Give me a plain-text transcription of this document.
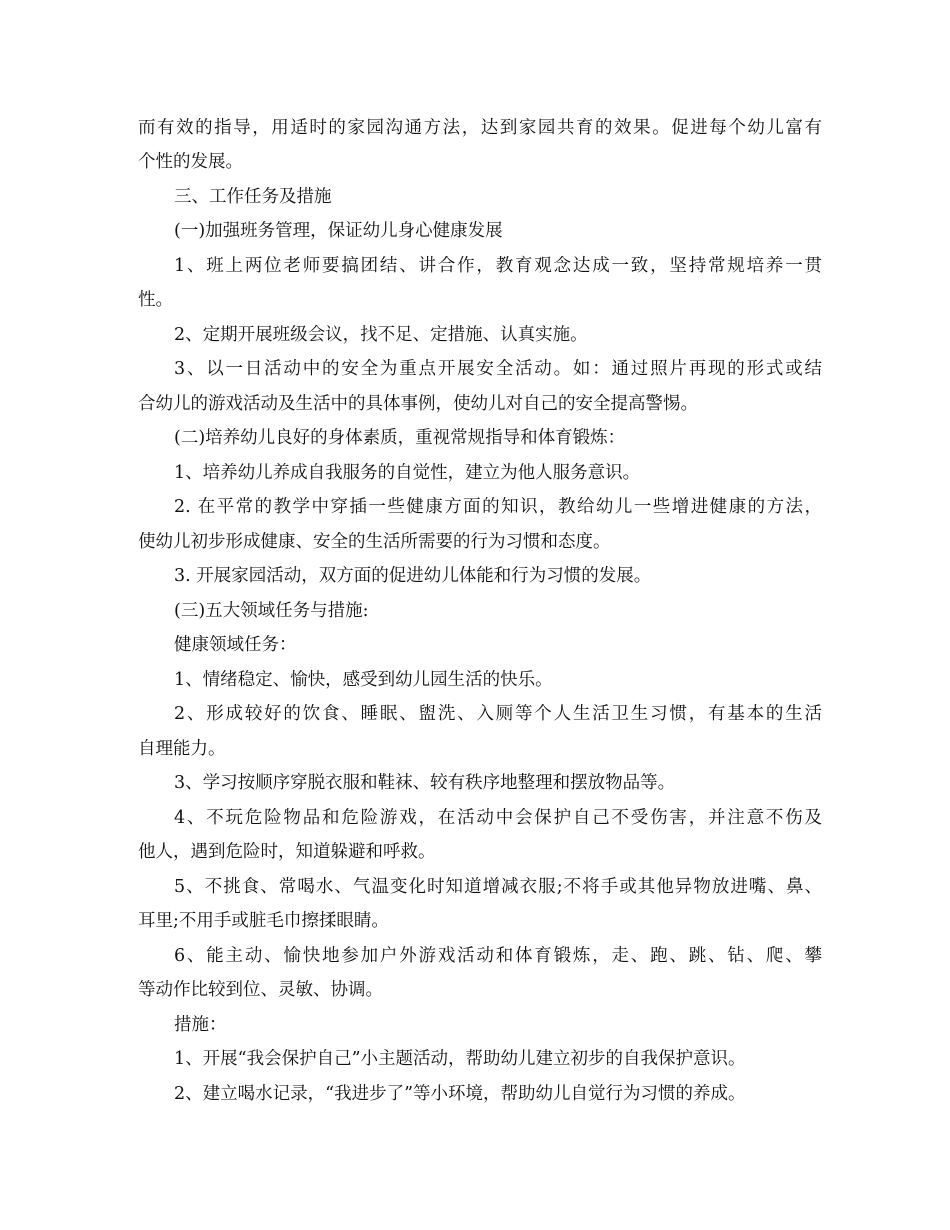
而有效的指导，用适时的家园沟通方法，达到家园共育的效果。促进每个幼儿富有
个性的发展。
三、工作任务及措施
(一)加强班务管理，保证幼儿身心健康发展
1、班上两位老师要搞团结、讲合作，教育观念达成一致，坚持常规培养一贯
性。
2、定期开展班级会议，找不足、定措施、认真实施。
3、以一日活动中的安全为重点开展安全活动。如：通过照片再现的形式或结
合幼儿的游戏活动及生活中的具体事例，使幼儿对自己的安全提高警惕。
(二)培养幼儿良好的身体素质，重视常规指导和体育锻炼：
1、培养幼儿养成自我服务的自觉性，建立为他人服务意识。
2. 在平常的教学中穿插一些健康方面的知识，教给幼儿一些增进健康的方法，
使幼儿初步形成健康、安全的生活所需要的行为习惯和态度。
3. 开展家园活动，双方面的促进幼儿体能和行为习惯的发展。
(三)五大领域任务与措施:
健康领域任务：
1、情绪稳定、愉快，感受到幼儿园生活的快乐。
2、形成较好的饮食、睡眠、盥洗、入厕等个人生活卫生习惯，有基本的生活
自理能力。
3、学习按顺序穿脱衣服和鞋袜、较有秩序地整理和摆放物品等。
4、不玩危险物品和危险游戏，在活动中会保护自己不受伤害，并注意不伤及
他人，遇到危险时，知道躲避和呼救。
5、不挑食、常喝水、气温变化时知道增减衣服;不将手或其他异物放进嘴、鼻、
耳里;不用手或脏毛巾擦揉眼睛。
6、能主动、愉快地参加户外游戏活动和体育锻炼，走、跑、跳、钻、爬、攀
等动作比较到位、灵敏、协调。
措施：
1、开展“我会保护自己”小主题活动，帮助幼儿建立初步的自我保护意识。
2、建立喝水记录，“我进步了”等小环境，帮助幼儿自觉行为习惯的养成。
